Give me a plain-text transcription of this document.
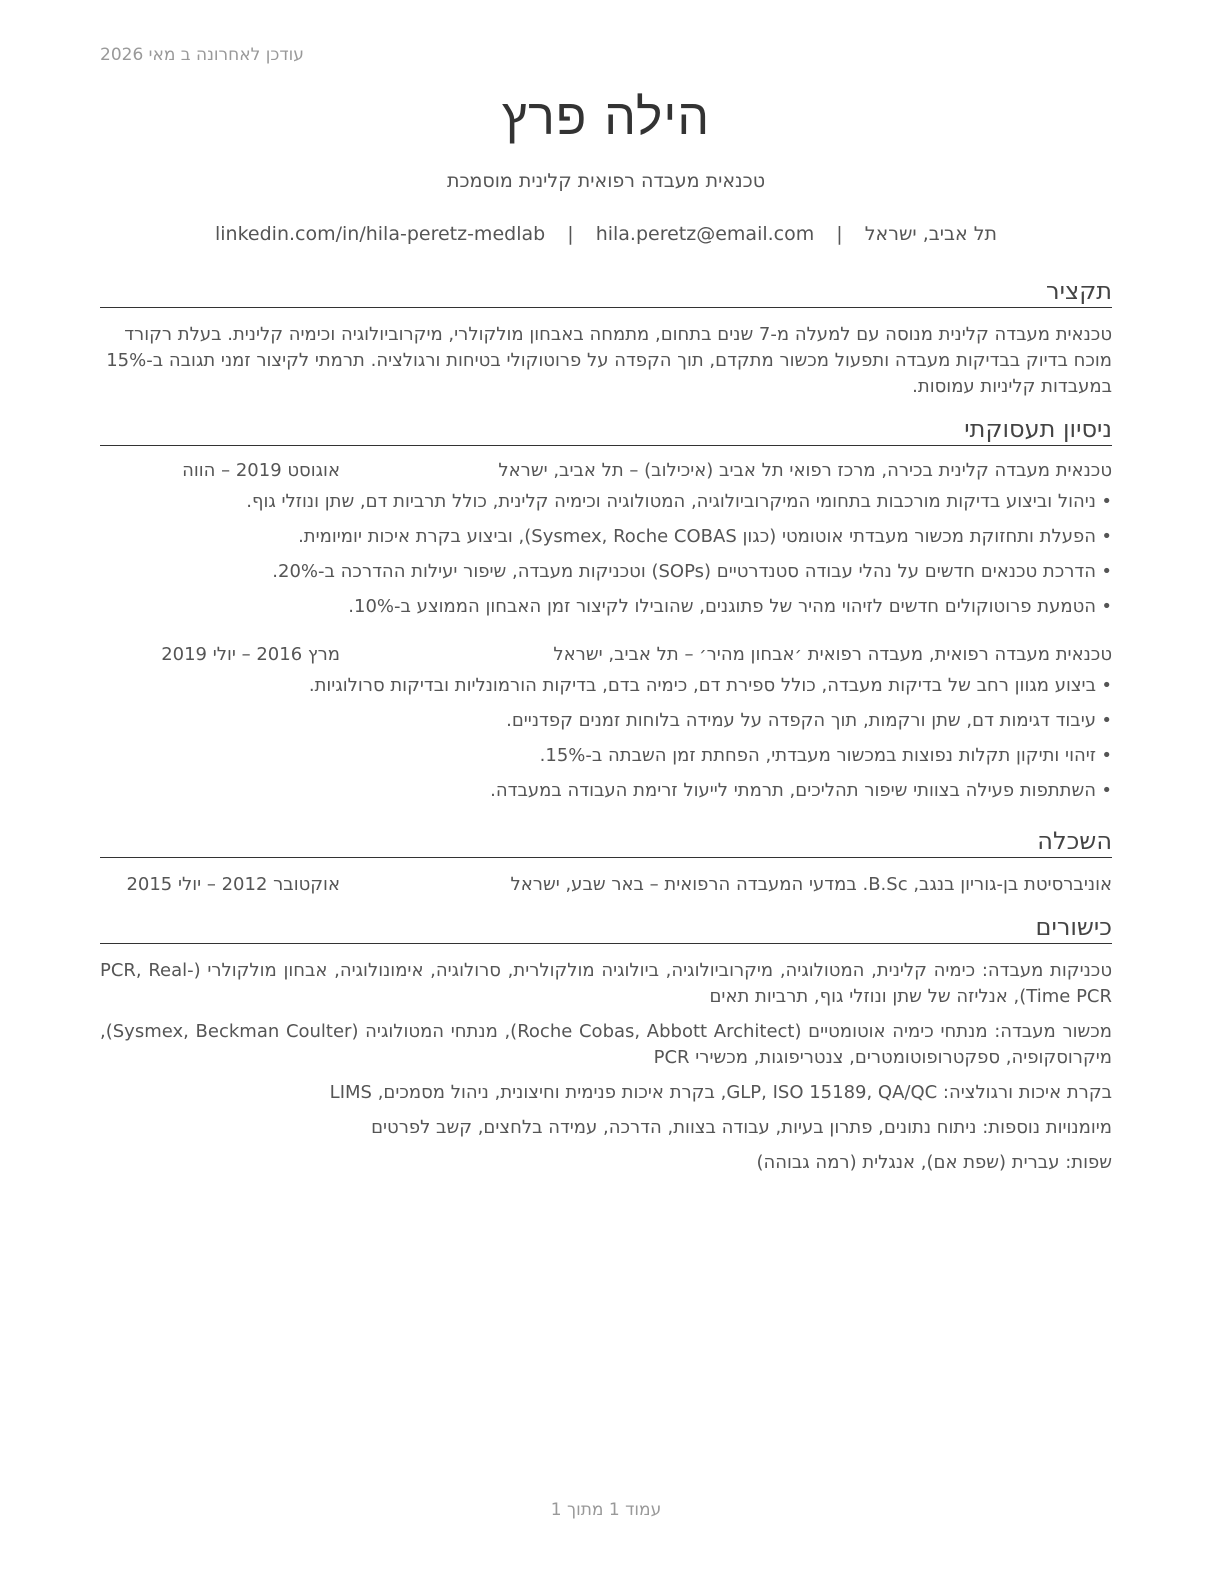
עודכן לאחרונה ב מאי 2026
הילה פרץ
טכנאית מעבדה רפואית קלינית מוסמכת
תל אביב, ישראל | hila.peretz@email.com | linkedin.com/in/hila-peretz-medlab
תקציר
טכנאית מעבדה קלינית מנוסה עם למעלה מ-7 שנים בתחום, מתמחה באבחון מולקולרי, מיקרוביולוגיה וכימיה קלינית. בעלת רקורד מוכח בדיוק בבדיקות מעבדה ותפעול מכשור מתקדם, תוך הקפדה על פרוטוקולי בטיחות ורגולציה. תרמתי לקיצור זמני תגובה ב-15% במעבדות קליניות עמוסות.
ניסיון תעסוקתי
טכנאית מעבדה קלינית בכירה, מרכז רפואי תל אביב (איכילוב) – תל אביב, ישראל
אוגוסט 2019 – הווה
• ניהול וביצוע בדיקות מורכבות בתחומי המיקרוביולוגיה, המטולוגיה וכימיה קלינית, כולל תרביות דם, שתן ונוזלי גוף.
• הפעלת ותחזוקת מכשור מעבדתי אוטומטי (כגון Sysmex, Roche COBAS), וביצוע בקרת איכות יומיומית.
• הדרכת טכנאים חדשים על נהלי עבודה סטנדרטיים (SOPs) וטכניקות מעבדה, שיפור יעילות ההדרכה ב-20%.
• הטמעת פרוטוקולים חדשים לזיהוי מהיר של פתוגנים, שהובילו לקיצור זמן האבחון הממוצע ב-10%.
טכנאית מעבדה רפואית, מעבדה רפואית ׳אבחון מהיר׳ – תל אביב, ישראל
מרץ 2016 – יולי 2019
• ביצוע מגוון רחב של בדיקות מעבדה, כולל ספירת דם, כימיה בדם, בדיקות הורמונליות ובדיקות סרולוגיות.
• עיבוד דגימות דם, שתן ורקמות, תוך הקפדה על עמידה בלוחות זמנים קפדניים.
• זיהוי ותיקון תקלות נפוצות במכשור מעבדתי, הפחתת זמן השבתה ב-15%.
• השתתפות פעילה בצוותי שיפור תהליכים, תרמתי לייעול זרימת העבודה במעבדה.
השכלה
אוניברסיטת בן-גוריון בנגב, B.Sc. במדעי המעבדה הרפואית – באר שבע, ישראל
אוקטובר 2012 – יולי 2015
כישורים
טכניקות מעבדה: כימיה קלינית, המטולוגיה, מיקרוביולוגיה, ביולוגיה מולקולרית, סרולוגיה, אימונולוגיה, אבחון מולקולרי (PCR, Real-Time PCR), אנליזה של שתן ונוזלי גוף, תרביות תאים
מכשור מעבדה: מנתחי כימיה אוטומטיים (Roche Cobas, Abbott Architect), מנתחי המטולוגיה (Sysmex, Beckman Coulter), מיקרוסקופיה, ספקטרופוטומטרים, צנטריפוגות, מכשירי PCR
בקרת איכות ורגולציה: GLP, ISO 15189, QA/QC, בקרת איכות פנימית וחיצונית, ניהול מסמכים, LIMS
מיומנויות נוספות: ניתוח נתונים, פתרון בעיות, עבודה בצוות, הדרכה, עמידה בלחצים, קשב לפרטים
שפות: עברית (שפת אם), אנגלית (רמה גבוהה)
עמוד 1 מתוך 1
